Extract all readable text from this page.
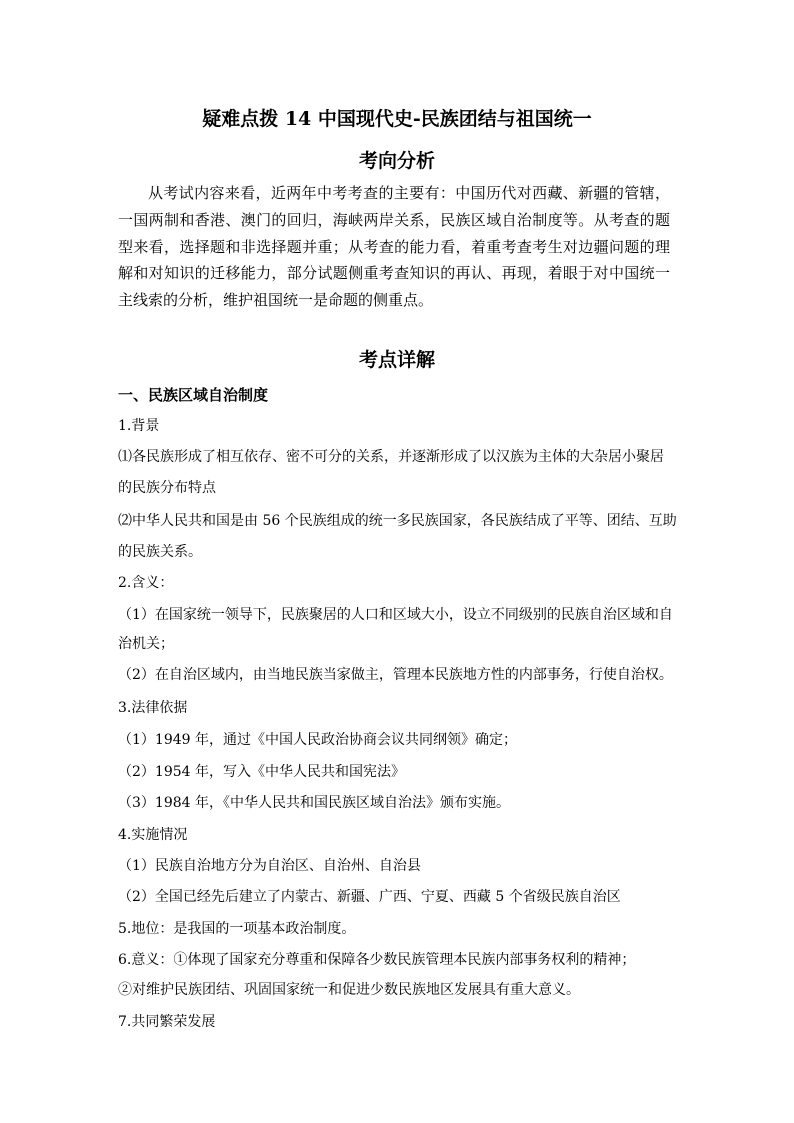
疑难点拨 14 中国现代史-民族团结与祖国统一
考向分析

从考试内容来看，近两年中考考查的主要有：中国历代对西藏、新疆的管辖，一国两制和香港、澳门的回归，海峡两岸关系，民族区域自治制度等。从考查的题型来看，选择题和非选择题并重；从考查的能力看，着重考查考生对边疆问题的理解和对知识的迁移能力，部分试题侧重考查知识的再认、再现，着眼于对中国统一主线索的分析，维护祖国统一是命题的侧重点。

考点详解
一、民族区域自治制度
1.背景
⑴各民族形成了相互依存、密不可分的关系，并逐渐形成了以汉族为主体的大杂居小聚居
的民族分布特点
⑵中华人民共和国是由 56 个民族组成的统一多民族国家，各民族结成了平等、团结、互助
的民族关系。
2.含义：
（1）在国家统一领导下，民族聚居的人口和区域大小，设立不同级别的民族自治区域和自
治机关；
（2）在自治区域内，由当地民族当家做主，管理本民族地方性的内部事务，行使自治权。
3.法律依据
（1）1949 年，通过《中国人民政治协商会议共同纲领》确定；
（2）1954 年，写入《中华人民共和国宪法》
（3）1984 年，《中华人民共和国民族区域自治法》颁布实施。
4.实施情况
（1）民族自治地方分为自治区、自治州、自治县
（2）全国已经先后建立了内蒙古、新疆、广西、宁夏、西藏 5 个省级民族自治区
5.地位：是我国的一项基本政治制度。
6.意义：①体现了国家充分尊重和保障各少数民族管理本民族内部事务权利的精神；
②对维护民族团结、巩固国家统一和促进少数民族地区发展具有重大意义。
7.共同繁荣发展
